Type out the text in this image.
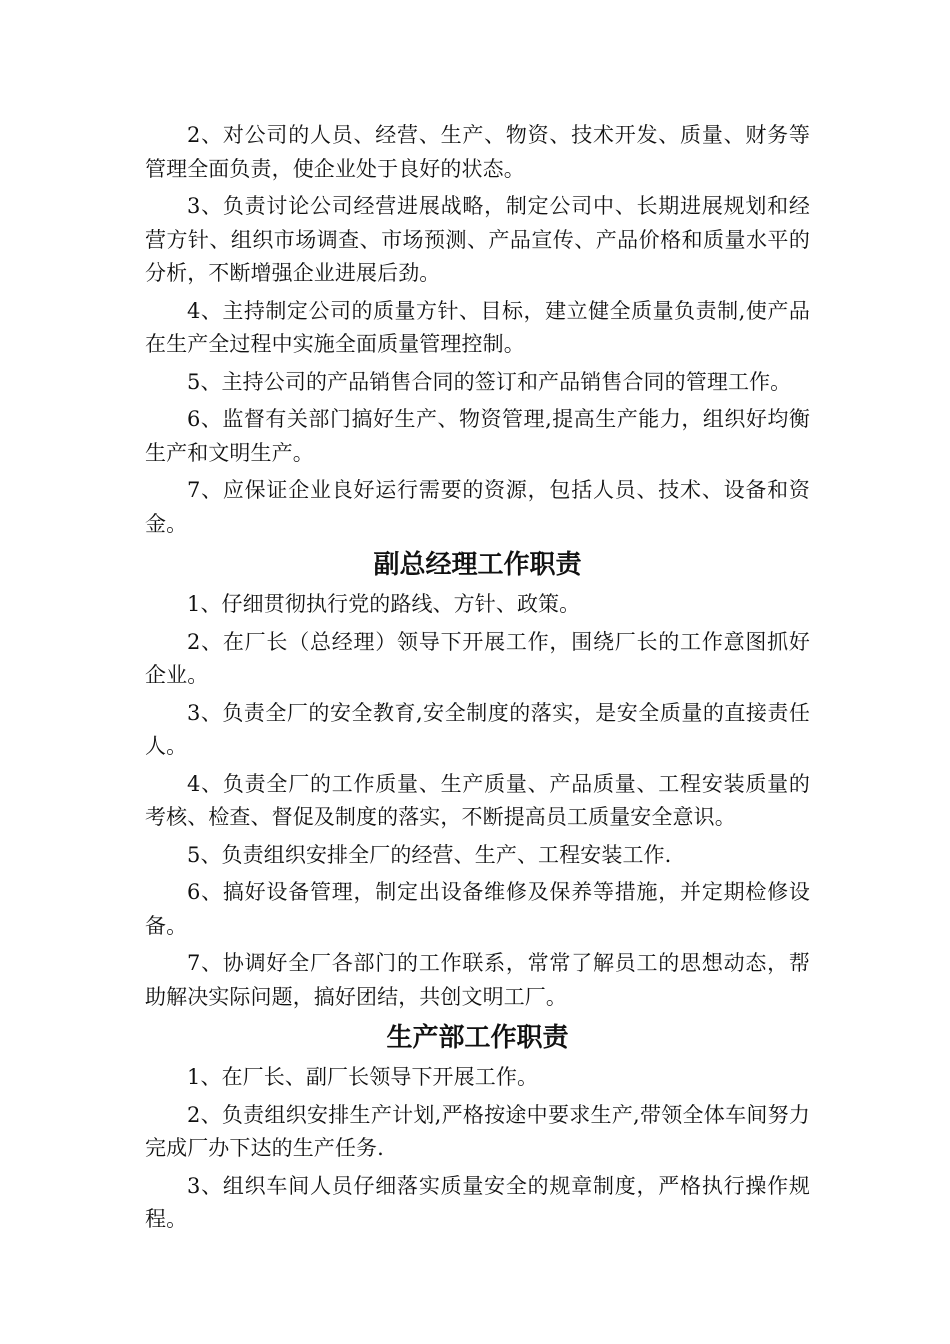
2、对公司的人员、经营、生产、物资、技术开发、质量、财务等管理全面负责，使企业处于良好的状态。

3、负责讨论公司经营进展战略，制定公司中、长期进展规划和经营方针、组织市场调查、市场预测、产品宣传、产品价格和质量水平的分析，不断增强企业进展后劲。

4、主持制定公司的质量方针、目标，建立健全质量负责制,使产品在生产全过程中实施全面质量管理控制。

5、主持公司的产品销售合同的签订和产品销售合同的管理工作。

6、监督有关部门搞好生产、物资管理,提高生产能力，组织好均衡生产和文明生产。

7、应保证企业良好运行需要的资源，包括人员、技术、设备和资金。

副总经理工作职责

1、仔细贯彻执行党的路线、方针、政策。

2、在厂长（总经理）领导下开展工作，围绕厂长的工作意图抓好企业。

3、负责全厂的安全教育,安全制度的落实，是安全质量的直接责任人。

4、负责全厂的工作质量、生产质量、产品质量、工程安装质量的考核、检查、督促及制度的落实，不断提高员工质量安全意识。

5、负责组织安排全厂的经营、生产、工程安装工作.

6、搞好设备管理，制定出设备维修及保养等措施，并定期检修设备。

7、协调好全厂各部门的工作联系，常常了解员工的思想动态，帮助解决实际问题，搞好团结，共创文明工厂。

生产部工作职责

1、在厂长、副厂长领导下开展工作。

2、负责组织安排生产计划,严格按途中要求生产,带领全体车间努力完成厂办下达的生产任务.

3、组织车间人员仔细落实质量安全的规章制度，严格执行操作规程。
